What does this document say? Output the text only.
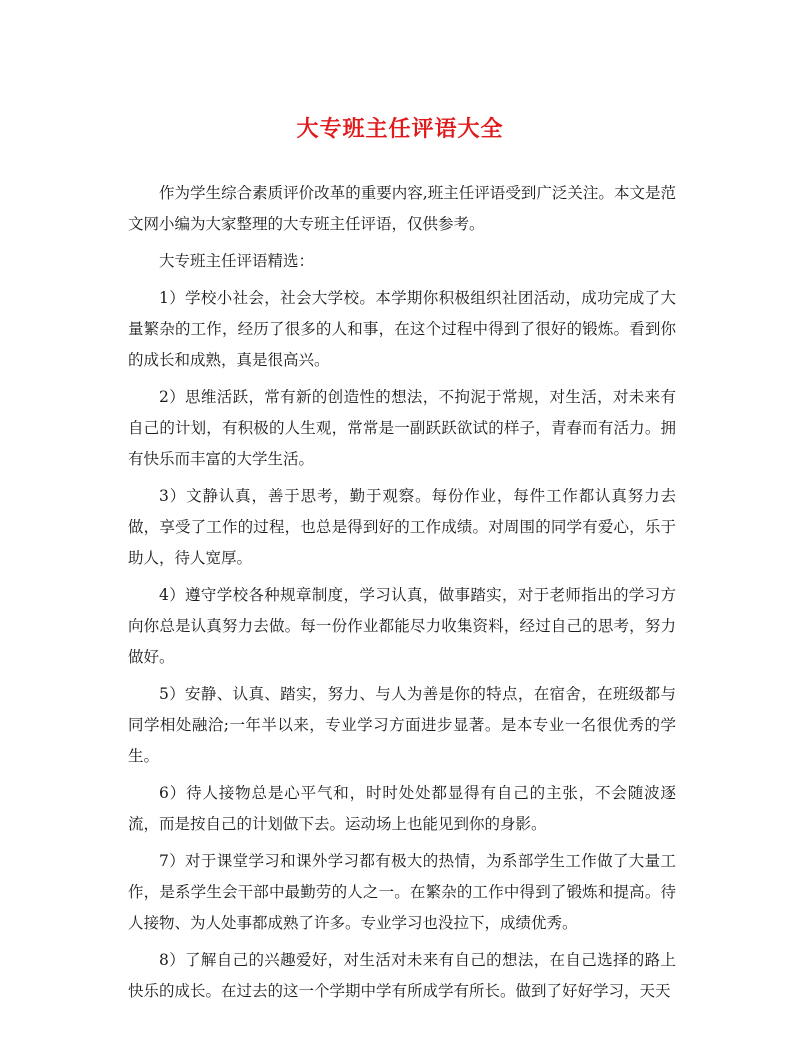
大专班主任评语大全

作为学生综合素质评价改革的重要内容,班主任评语受到广泛关注。本文是范文网小编为大家整理的大专班主任评语，仅供参考。

大专班主任评语精选：

1）学校小社会，社会大学校。本学期你积极组织社团活动，成功完成了大量繁杂的工作，经历了很多的人和事，在这个过程中得到了很好的锻炼。看到你的成长和成熟，真是很高兴。

2）思维活跃，常有新的创造性的想法，不拘泥于常规，对生活，对未来有自己的计划，有积极的人生观，常常是一副跃跃欲试的样子，青春而有活力。拥有快乐而丰富的大学生活。

3）文静认真，善于思考，勤于观察。每份作业，每件工作都认真努力去做，享受了工作的过程，也总是得到好的工作成绩。对周围的同学有爱心，乐于助人，待人宽厚。

4）遵守学校各种规章制度，学习认真，做事踏实，对于老师指出的学习方向你总是认真努力去做。每一份作业都能尽力收集资料，经过自己的思考，努力做好。

5）安静、认真、踏实，努力、与人为善是你的特点，在宿舍，在班级都与同学相处融洽;一年半以来，专业学习方面进步显著。是本专业一名很优秀的学生。

6）待人接物总是心平气和，时时处处都显得有自己的主张，不会随波逐流，而是按自己的计划做下去。运动场上也能见到你的身影。

7）对于课堂学习和课外学习都有极大的热情，为系部学生工作做了大量工作，是系学生会干部中最勤劳的人之一。在繁杂的工作中得到了锻炼和提高。待人接物、为人处事都成熟了许多。专业学习也没拉下，成绩优秀。

8）了解自己的兴趣爱好，对生活对未来有自己的想法，在自己选择的路上快乐的成长。在过去的这一个学期中学有所成学有所长。做到了好好学习，天天
